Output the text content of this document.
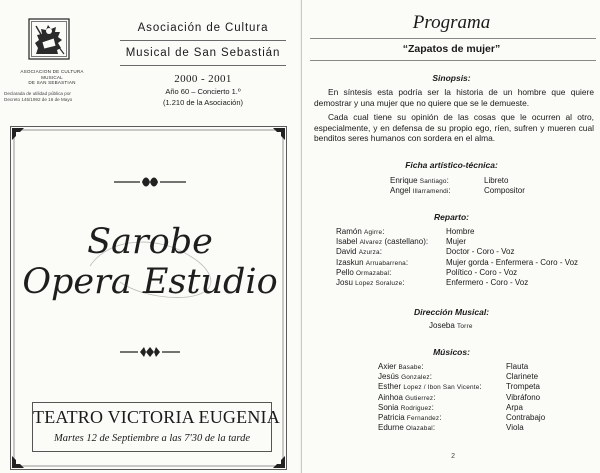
ASOCIACION DE CULTURA
MUSICAL
DE SAN SEBASTIAN
Declarada de utilidad pública por
Decreto 145/1992 de 16 de Mayo
Asociación de Cultura
Musical de San Sebastián
2000 - 2001
Año 60 – Concierto 1.º
(1.210 de la Asociación)
Sarobe
Opera Estudio
TEATRO VICTORIA EUGENIA
Martes 12 de Septiembre a las 7'30 de la tarde
Programa
“Zapatos de mujer”
Sinopsis:
En síntesis esta podría ser la historia de un hombre que quiere demostrar y una mujer que no quiere que se le demueste.
Cada cual tiene su opinión de las cosas que le ocurren al otro, especialmente, y en defensa de su propio ego, ríen, sufren y mueren cual benditos seres humanos con sordera en el alma.
Ficha artístico-técnica:
Enrique Santiago:	Libreto
Angel Illarramendi:	Compositor
Reparto:
Ramón Agirre:	Hombre
Isabel Alvarez (castellano): Mujer
David Azurza:	Doctor - Coro - Voz
Izaskun Arruabarrena:	Mujer gorda - Enfermera - Coro - Voz
Pello Ormazabal:	Político - Coro - Voz
Josu Lopez Soraluze:	Enfermero - Coro - Voz
Dirección Musical:
Joseba Torre
Músicos:
Axier Basabe:	Flauta
Jesús Gonzalez:	Clarinete
Esther Lopez / Ibon San Vicente:	Trompeta
Ainhoa Gutierrez:	Vibráfono
Sonia Rodriguez:	Arpa
Patricia Fernandez:	Contrabajo
Edurne Olazabal:	Viola
2
